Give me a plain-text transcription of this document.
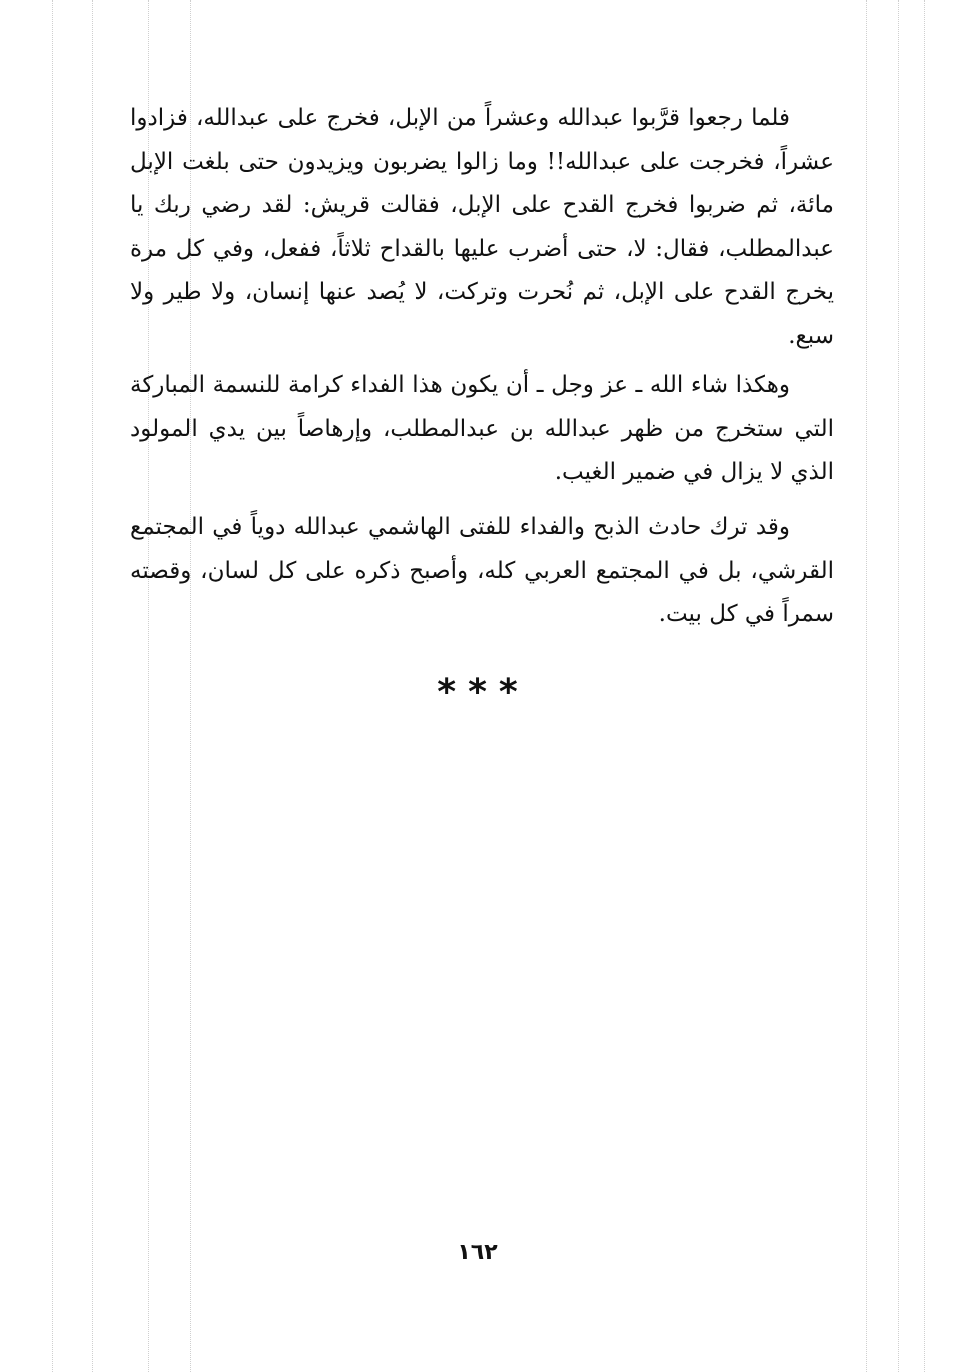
فلما رجعوا قرَّبوا عبدالله وعشراً من الإبل، فخرج على عبدالله، فزادوا عشراً، فخرجت على عبدالله!! وما زالوا يضربون ويزيدون حتى بلغت الإبل مائة، ثم ضربوا فخرج القدح على الإبل، فقالت قريش: لقد رضي ربك يا عبدالمطلب، فقال: لا، حتى أضرب عليها بالقداح ثلاثاً، ففعل، وفي كل مرة يخرج القدح على الإبل، ثم نُحرت وتركت، لا يُصد عنها إنسان، ولا طير ولا سبع.

وهكذا شاء الله ـ عز وجل ـ أن يكون هذا الفداء كرامة للنسمة المباركة التي ستخرج من ظهر عبدالله بن عبدالمطلب، وإرهاصاً بين يدي المولود الذي لا يزال في ضمير الغيب.

وقد ترك حادث الذبح والفداء للفتى الهاشمي عبدالله دوياً في المجتمع القرشي، بل في المجتمع العربي كله، وأصبح ذكره على كل لسان، وقصته سمراً في كل بيت.

***
١٦٢
